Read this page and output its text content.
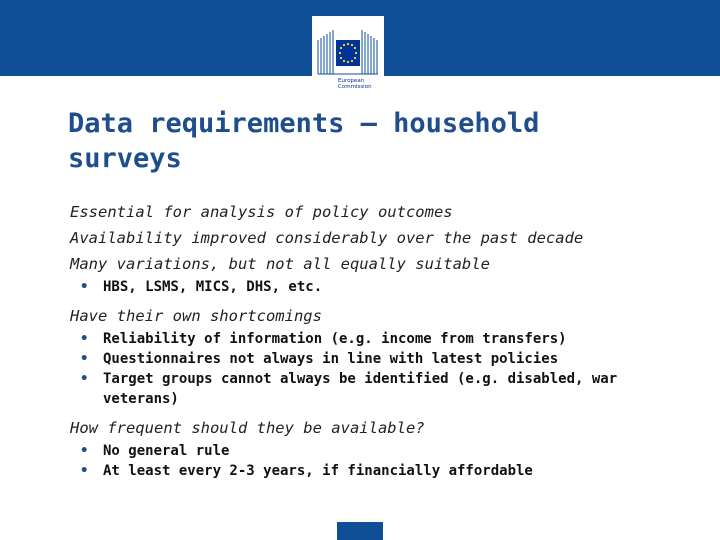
European
Commission
Data requirements – household surveys

Essential for analysis of policy outcomes

Availability improved considerably over the past decade

Many variations, but not all equally suitable

• HBS, LSMS, MICS, DHS, etc.

Have their own shortcomings

• Reliability of information (e.g. income from transfers)

• Questionnaires not always in line with latest policies

• Target groups cannot always be identified (e.g. disabled, war veterans)

How frequent should they be available?

• No general rule

• At least every 2-3 years, if financially affordable
